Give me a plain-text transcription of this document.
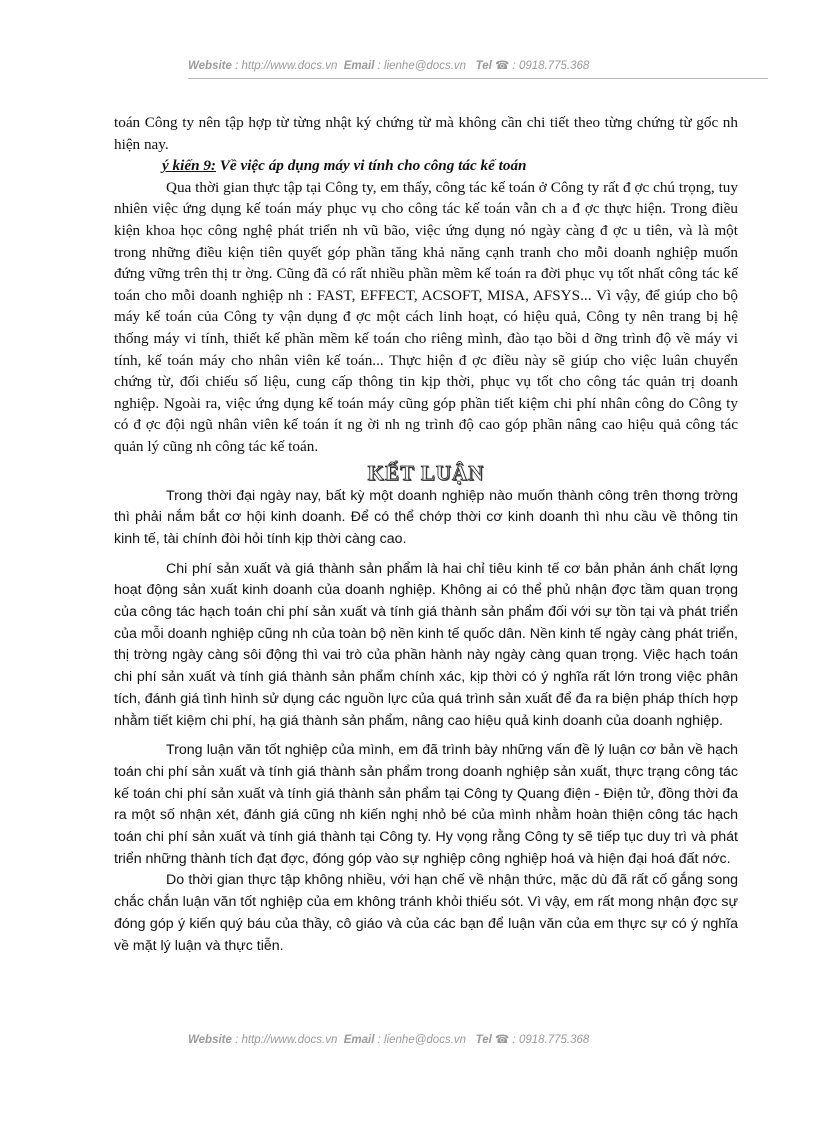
Website : http://www.docs.vn Email : lienhe@docs.vn Tel ☎ : 0918.775.368

toán Công ty nên tập hợp từ từng nhật ký chứng từ mà không cần chi tiết theo từng chứng từ gốc nh hiện nay.

ý kiến 9: Về việc áp dụng máy vi tính cho công tác kế toán

Qua thời gian thực tập tại Công ty, em thấy, công tác kế toán ở Công ty rất đ ợc chú trọng, tuy nhiên việc ứng dụng kế toán máy phục vụ cho công tác kế toán vẫn ch a đ ợc thực hiện. Trong điều kiện khoa học công nghệ phát triển nh vũ bão, việc ứng dụng nó ngày càng đ ợc u tiên, và là một trong những điều kiện tiên quyết góp phần tăng khả năng cạnh tranh cho mỗi doanh nghiệp muốn đứng vững trên thị tr ờng. Cũng đã có rất nhiều phần mềm kế toán ra đời phục vụ tốt nhất công tác kế toán cho mỗi doanh nghiệp nh : FAST, EFFECT, ACSOFT, MISA, AFSYS... Vì vậy, để giúp cho bộ máy kế toán của Công ty vận dụng đ ợc một cách linh hoạt, có hiệu quả, Công ty nên trang bị hệ thống máy vi tính, thiết kế phần mềm kế toán cho riêng mình, đào tạo bồi d ỡng trình độ về máy vi tính, kế toán máy cho nhân viên kế toán... Thực hiện đ ợc điều này sẽ giúp cho việc luân chuyển chứng từ, đối chiếu số liệu, cung cấp thông tin kịp thời, phục vụ tốt cho công tác quản trị doanh nghiệp. Ngoài ra, việc ứng dụng kế toán máy cũng góp phần tiết kiệm chi phí nhân công do Công ty có đ ợc đội ngũ nhân viên kế toán ít ng ời nh ng trình độ cao góp phần nâng cao hiệu quả công tác quản lý cũng nh công tác kế toán.

KẾT LUẬN

Trong thời đại ngày nay, bất kỳ một doanh nghiệp nào muốn thành công trên thơng trờng thì phải nắm bắt cơ hội kinh doanh. Để có thể chớp thời cơ kinh doanh thì nhu cầu về thông tin kinh tế, tài chính đòi hỏi tính kịp thời càng cao.

Chi phí sản xuất và giá thành sản phẩm là hai chỉ tiêu kinh tế cơ bản phản ánh chất lợng hoạt động sản xuất kinh doanh của doanh nghiệp. Không ai có thể phủ nhận đợc tầm quan trọng của công tác hạch toán chi phí sản xuất và tính giá thành sản phẩm đối với sự tồn tại và phát triển của mỗi doanh nghiệp cũng nh của toàn bộ nền kinh tế quốc dân. Nền kinh tế ngày càng phát triển, thị trờng ngày càng sôi động thì vai trò của phần hành này ngày càng quan trọng. Việc hạch toán chi phí sản xuất và tính giá thành sản phẩm chính xác, kịp thời có ý nghĩa rất lớn trong việc phân tích, đánh giá tình hình sử dụng các nguồn lực của quá trình sản xuất để đa ra biện pháp thích hợp nhằm tiết kiệm chi phí, hạ giá thành sản phẩm, nâng cao hiệu quả kinh doanh của doanh nghiệp.

Trong luận văn tốt nghiệp của mình, em đã trình bày những vấn đề lý luận cơ bản về hạch toán chi phí sản xuất và tính giá thành sản phẩm trong doanh nghiệp sản xuất, thực trạng công tác kế toán chi phí sản xuất và tính giá thành sản phẩm tại Công ty Quang điện - Điện tử, đồng thời đa ra một số nhận xét, đánh giá cũng nh kiến nghị nhỏ bé của mình nhằm hoàn thiện công tác hạch toán chi phí sản xuất và tính giá thành tại Công ty. Hy vọng rằng Công ty sẽ tiếp tục duy trì và phát triển những thành tích đạt đợc, đóng góp vào sự nghiệp công nghiệp hoá và hiện đại hoá đất nớc.

Do thời gian thực tập không nhiều, với hạn chế về nhận thức, mặc dù đã rất cố gắng song chắc chắn luận văn tốt nghiệp của em không tránh khỏi thiếu sót. Vì vậy, em rất mong nhận đợc sự đóng góp ý kiến quý báu của thầy, cô giáo và của các bạn để luận văn của em thực sự có ý nghĩa về mặt lý luận và thực tiễn.

Website : http://www.docs.vn Email : lienhe@docs.vn Tel ☎ : 0918.775.368
